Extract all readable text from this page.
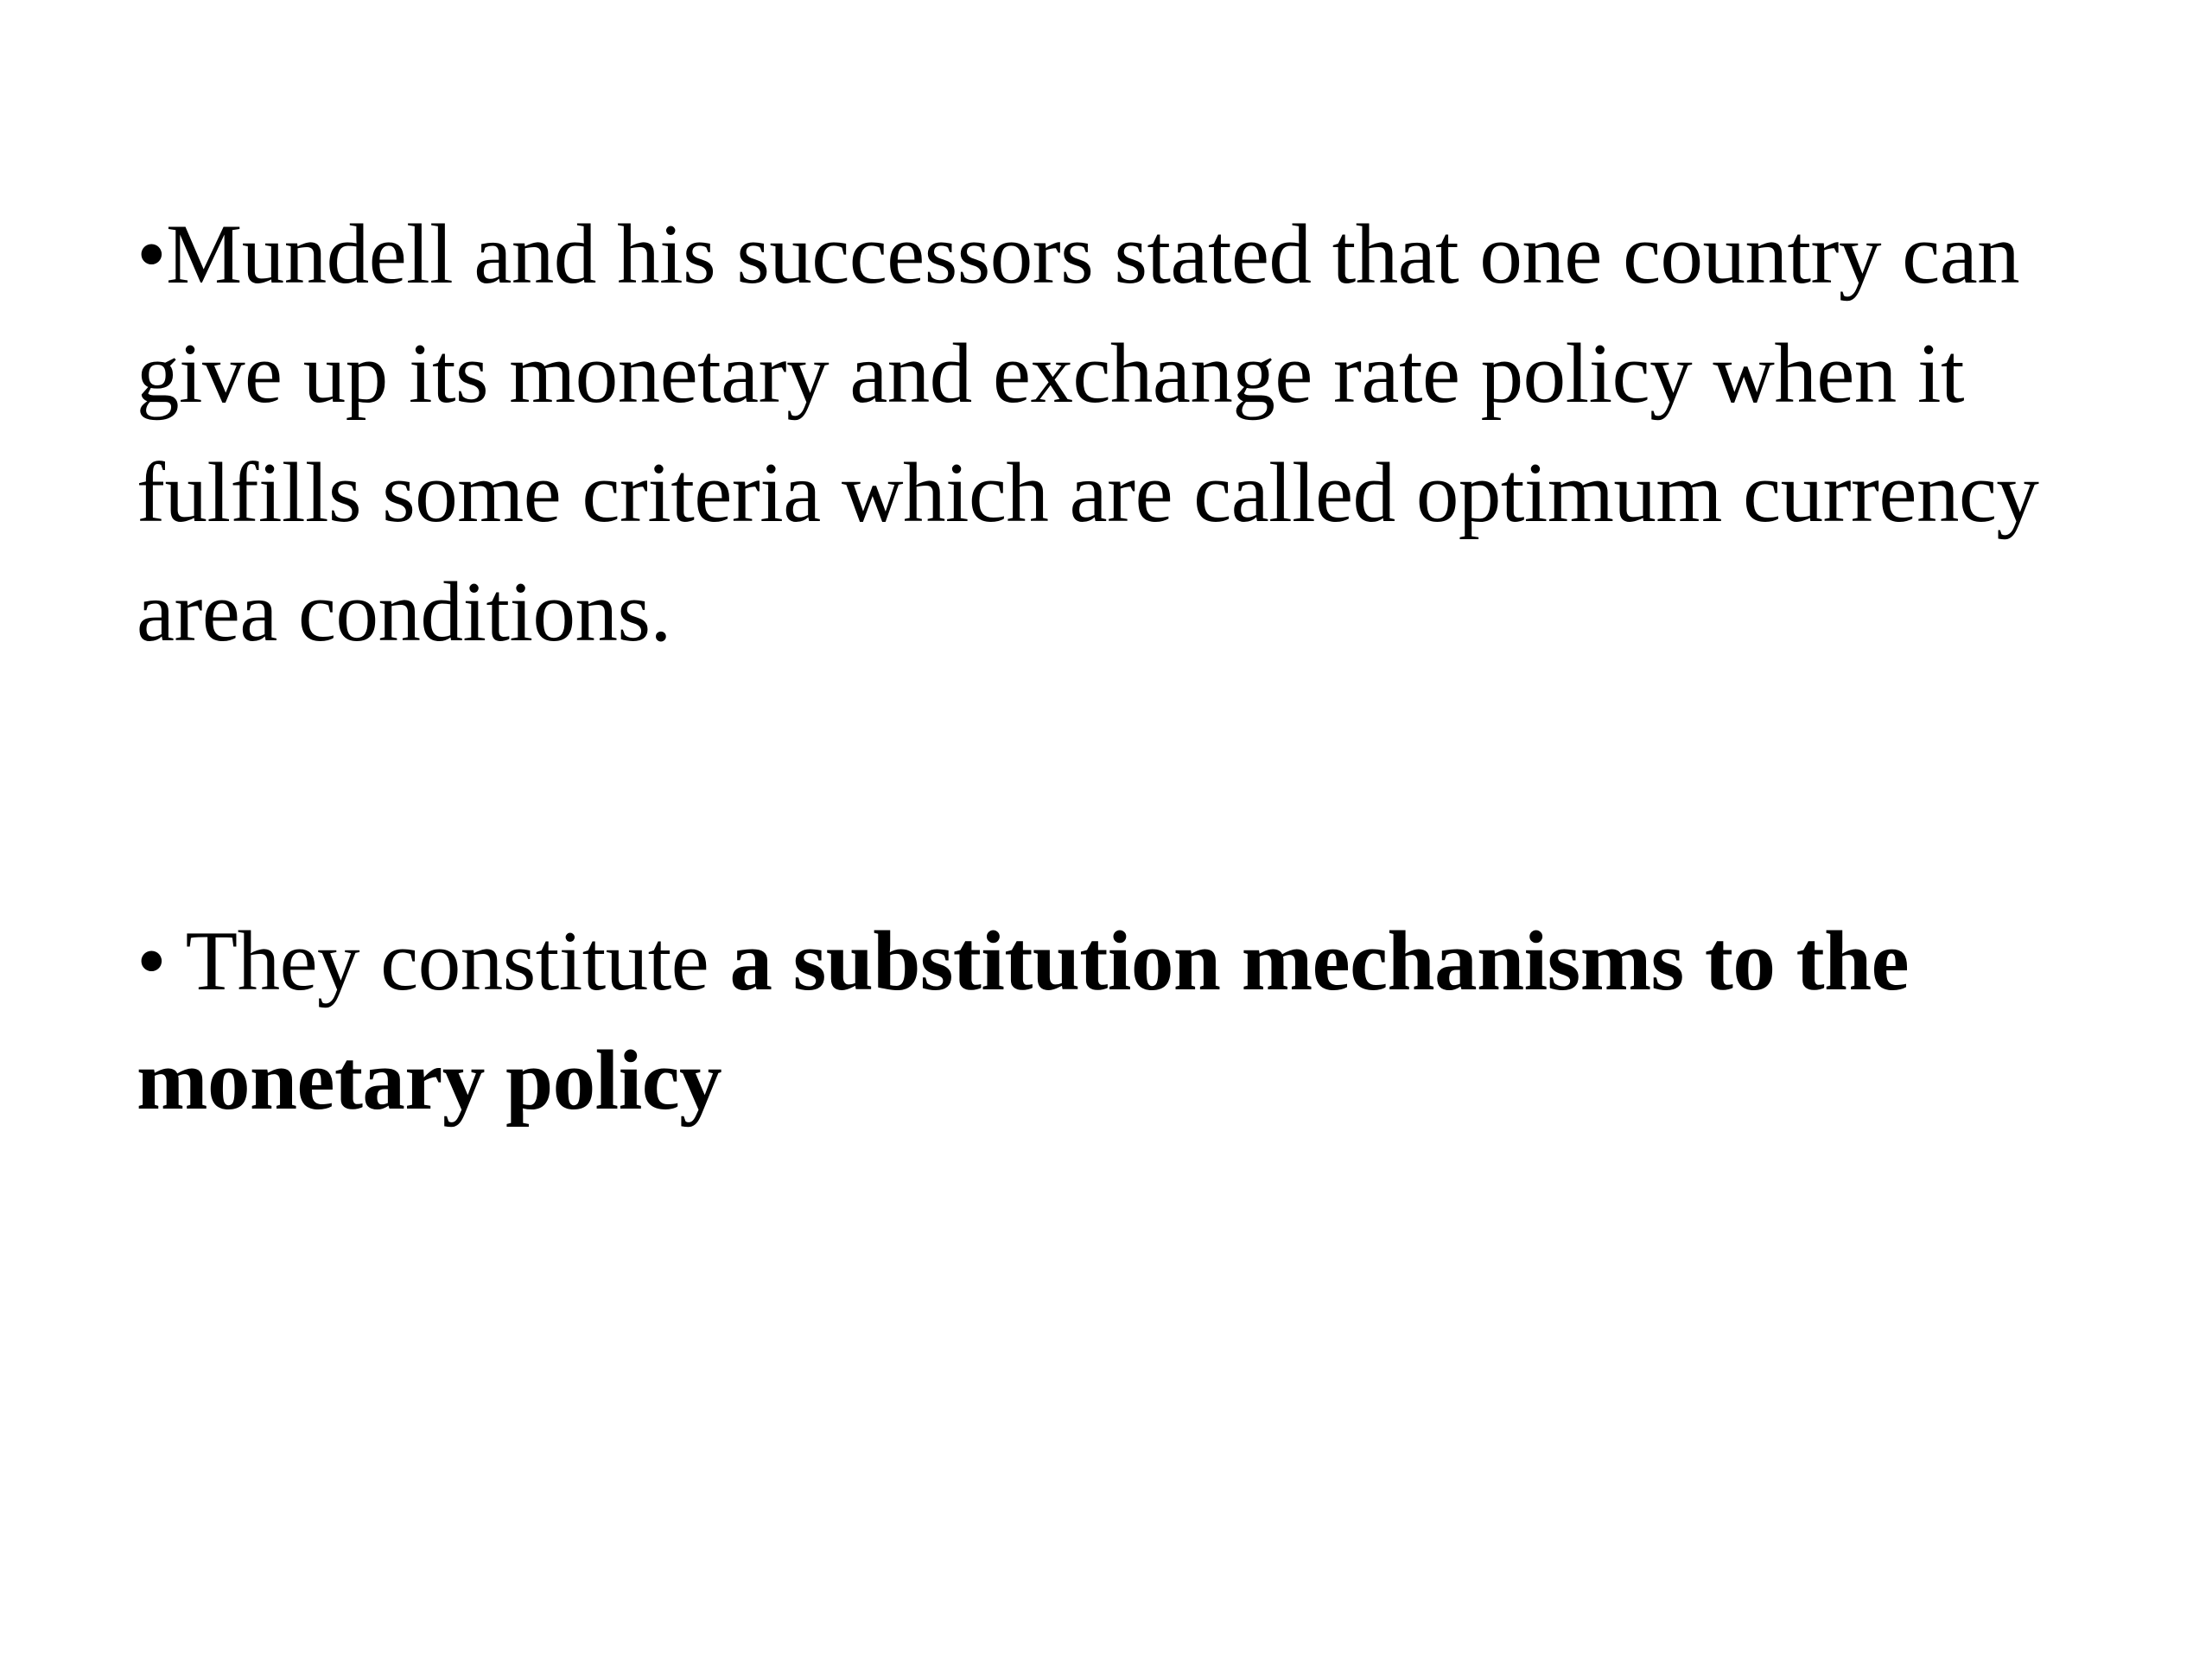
•Mundell and his successors stated that one country can give up its monetary and exchange rate policy when it fulfills some criteria which are called optimum currency area conditions.

• They constitute a substitution mechanisms to the monetary policy
